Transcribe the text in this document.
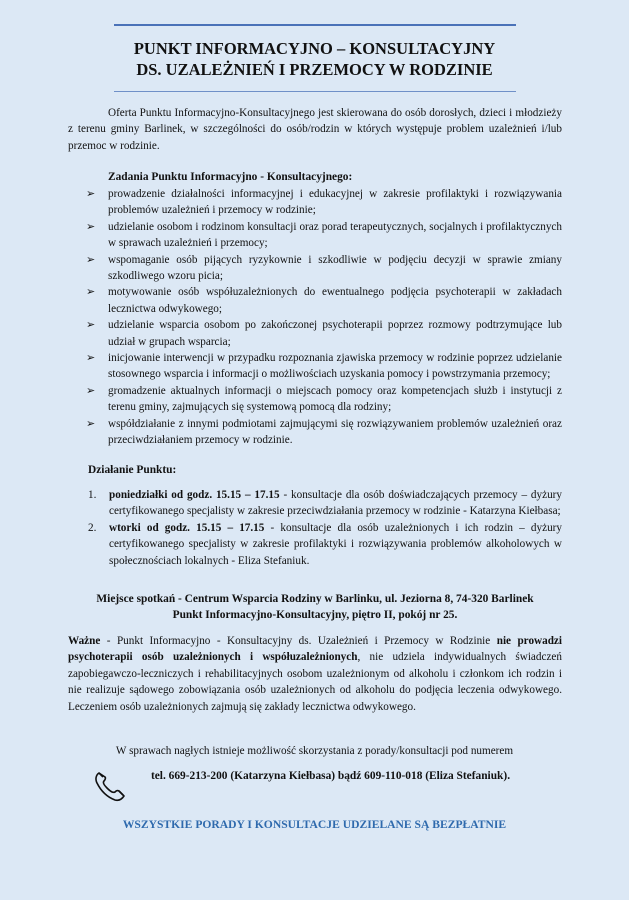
PUNKT INFORMACYJNO – KONSULTACYJNY
DS. UZALEŻNIEŃ I PRZEMOCY W RODZINIE

Oferta Punktu Informacyjno-Konsultacyjnego jest skierowana do osób dorosłych, dzieci i młodzieży z terenu gminy Barlinek, w szczególności do osób/rodzin w których występuje problem uzależnień i/lub przemoc w rodzinie.

Zadania Punktu Informacyjno - Konsultacyjnego:

➢ prowadzenie działalności informacyjnej i edukacyjnej w zakresie profilaktyki i rozwiązywania problemów uzależnień i przemocy w rodzinie;
➢ udzielanie osobom i rodzinom konsultacji oraz porad terapeutycznych, socjalnych i profilaktycznych w sprawach uzależnień i przemocy;
➢ wspomaganie osób pijących ryzykownie i szkodliwie w podjęciu decyzji w sprawie zmiany szkodliwego wzoru picia;
➢ motywowanie osób współuzależnionych do ewentualnego podjęcia psychoterapii w zakładach lecznictwa odwykowego;
➢ udzielanie wsparcia osobom po zakończonej psychoterapii poprzez rozmowy podtrzymujące lub udział w grupach wsparcia;
➢ inicjowanie interwencji w przypadku rozpoznania zjawiska przemocy w rodzinie poprzez udzielanie stosownego wsparcia i informacji o możliwościach uzyskania pomocy i powstrzymania przemocy;
➢ gromadzenie aktualnych informacji o miejscach pomocy oraz kompetencjach służb i instytucji z terenu gminy, zajmujących się systemową pomocą dla rodziny;
➢ współdziałanie z innymi podmiotami zajmującymi się rozwiązywaniem problemów uzależnień oraz przeciwdziałaniem przemocy w rodzinie.

Działanie Punktu:

1. poniedziałki od godz. 15.15 – 17.15 - konsultacje dla osób doświadczających przemocy – dyżury certyfikowanego specjalisty w zakresie przeciwdziałania przemocy w rodzinie - Katarzyna Kiełbasa;
2. wtorki od godz. 15.15 – 17.15 - konsultacje dla osób uzależnionych i ich rodzin – dyżury certyfikowanego specjalisty w zakresie profilaktyki i rozwiązywania problemów alkoholowych w społecznościach lokalnych - Eliza Stefaniuk.
Miejsce spotkań - Centrum Wsparcia Rodziny w Barlinku, ul. Jeziorna 8, 74-320 Barlinek
Punkt Informacyjno-Konsultacyjny, piętro II, pokój nr 25.

Ważne - Punkt Informacyjno - Konsultacyjny ds. Uzależnień i Przemocy w Rodzinie nie prowadzi psychoterapii osób uzależnionych i współuzależnionych, nie udziela indywidualnych świadczeń zapobiegawczo-leczniczych i rehabilitacyjnych osobom uzależnionym od alkoholu i członkom ich rodzin i nie realizuje sądowego zobowiązania osób uzależnionych od alkoholu do podjęcia leczenia odwykowego. Leczeniem osób uzależnionych zajmują się zakłady lecznictwa odwykowego.

W sprawach nagłych istnieje możliwość skorzystania z porady/konsultacji pod numerem

tel. 669-213-200 (Katarzyna Kiełbasa) bądź 609-110-018 (Eliza Stefaniuk).

WSZYSTKIE PORADY I KONSULTACJE UDZIELANE SĄ BEZPŁATNIE
